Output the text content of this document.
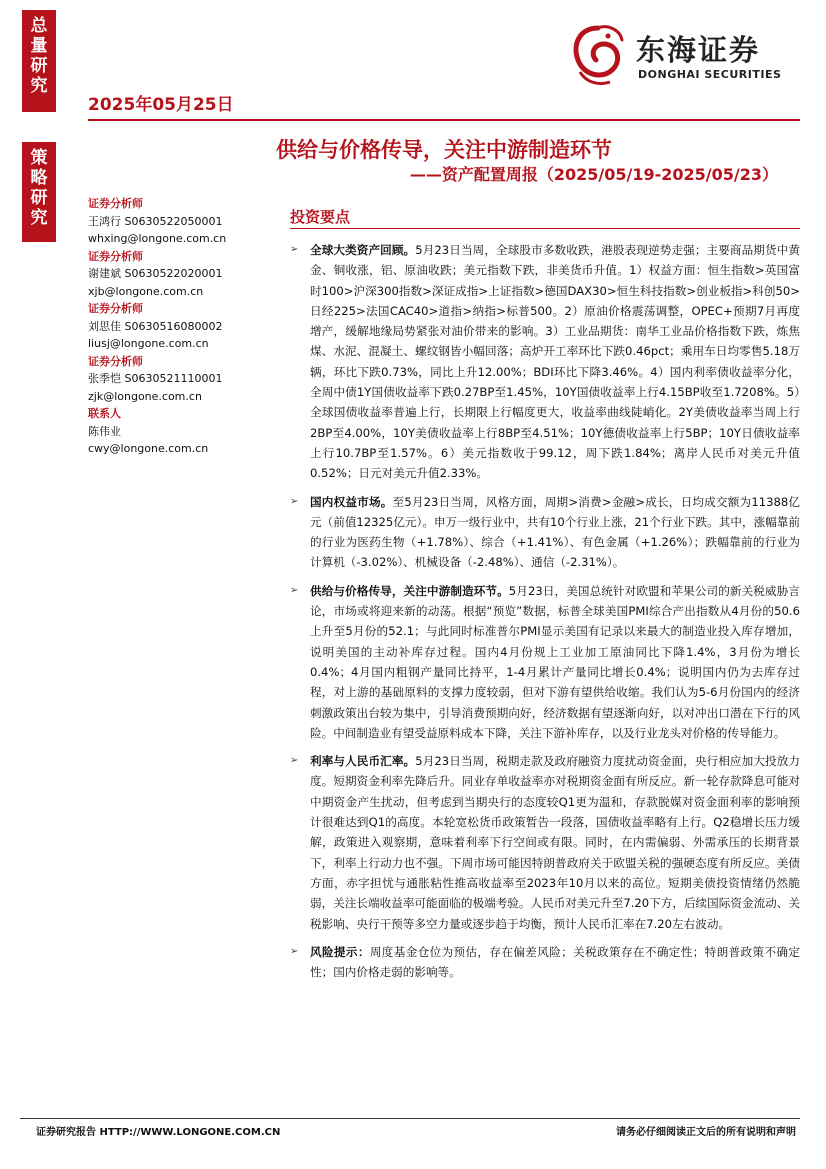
总
量
研
究
策
略
研
究
2025年05月25日
东海证券
DONGHAI SECURITIES
供给与价格传导，关注中游制造环节
——资产配置周报（2025/05/19-2025/05/23）
证券分析师
王鸿行 S0630522050001
whxing@longone.com.cn
证券分析师
谢建斌 S0630522020001
xjb@longone.com.cn
证券分析师
刘思佳 S0630516080002
liusj@longone.com.cn
证券分析师
张季恺 S0630521110001
zjk@longone.com.cn
联系人
陈伟业
cwy@longone.com.cn
投资要点
➢ 全球大类资产回顾。5月23日当周，全球股市多数收跌，港股表现逆势走强；主要商品期货中黄金、铜收涨，铝、原油收跌；美元指数下跌，非美货币升值。1）权益方面：恒生指数>英国富时100>沪深300指数>深证成指>上证指数>德国DAX30>恒生科技指数>创业板指>科创50>日经225>法国CAC40>道指>纳指>标普500。2）原油价格震荡调整，OPEC+预期7月再度增产，缓解地缘局势紧张对油价带来的影响。3）工业品期货：南华工业品价格指数下跌，炼焦煤、水泥、混凝土、螺纹钢皆小幅回落；高炉开工率环比下跌0.46pct；乘用车日均零售5.18万辆，环比下跌0.73%，同比上升12.00%；BDI环比下降3.46%。4）国内利率债收益率分化，全周中债1Y国债收益率下跌0.27BP至1.45%，10Y国债收益率上行4.15BP收至1.7208%。5）全球国债收益率普遍上行，长期限上行幅度更大，收益率曲线陡峭化。2Y美债收益率当周上行2BP至4.00%，10Y美债收益率上行8BP至4.51%；10Y德债收益率上行5BP；10Y日债收益率上行10.7BP至1.57%。6）美元指数收于99.12，周下跌1.84%；离岸人民币对美元升值0.52%；日元对美元升值2.33%。
➢ 国内权益市场。至5月23日当周，风格方面，周期>消费>金融>成长，日均成交额为11388亿元（前值12325亿元）。申万一级行业中，共有10个行业上涨，21个行业下跌。其中，涨幅靠前的行业为医药生物（+1.78%）、综合（+1.41%）、有色金属（+1.26%）；跌幅靠前的行业为计算机（-3.02%）、机械设备（-2.48%）、通信（-2.31%）。
➢ 供给与价格传导，关注中游制造环节。5月23日，美国总统针对欧盟和苹果公司的新关税威胁言论，市场或将迎来新的动荡。根据“预览”数据，标普全球美国PMI综合产出指数从4月份的50.6上升至5月份的52.1；与此同时标准普尔PMI显示美国有记录以来最大的制造业投入库存增加，说明美国的主动补库存过程。国内4月份规上工业加工原油同比下降1.4%，3月份为增长0.4%；4月国内粗钢产量同比持平，1-4月累计产量同比增长0.4%；说明国内仍为去库存过程，对上游的基础原料的支撑力度较弱，但对下游有望供给收缩。我们认为5-6月份国内的经济刺激政策出台较为集中，引导消费预期向好，经济数据有望逐渐向好，以对冲出口潜在下行的风险。中间制造业有望受益原料成本下降，关注下游补库存，以及行业龙头对价格的传导能力。
➢ 利率与人民币汇率。5月23日当周，税期走款及政府融资力度扰动资金面，央行相应加大投放力度。短期资金利率先降后升。同业存单收益率亦对税期资金面有所反应。新一轮存款降息可能对中期资金产生扰动，但考虑到当期央行的态度较Q1更为温和，存款脱媒对资金面利率的影响预计很难达到Q1的高度。本轮宽松货币政策暂告一段落，国债收益率略有上行。Q2稳增长压力缓解，政策进入观察期，意味着利率下行空间或有限。同时，在内需偏弱、外需承压的长期背景下，利率上行动力也不强。下周市场可能因特朗普政府关于欧盟关税的强硬态度有所反应。美债方面，赤字担忧与通胀粘性推高收益率至2023年10月以来的高位。短期美债投资情绪仍然脆弱，关注长端收益率可能面临的极端考验。人民币对美元升至7.20下方，后续国际资金流动、关税影响、央行干预等多空力量或逐步趋于均衡，预计人民币汇率在7.20左右波动。
➢ 风险提示：周度基金仓位为预估，存在偏差风险；关税政策存在不确定性；特朗普政策不确定性；国内价格走弱的影响等。
证券研究报告 HTTP://WWW.LONGONE.COM.CN	请务必仔细阅读正文后的所有说明和声明
